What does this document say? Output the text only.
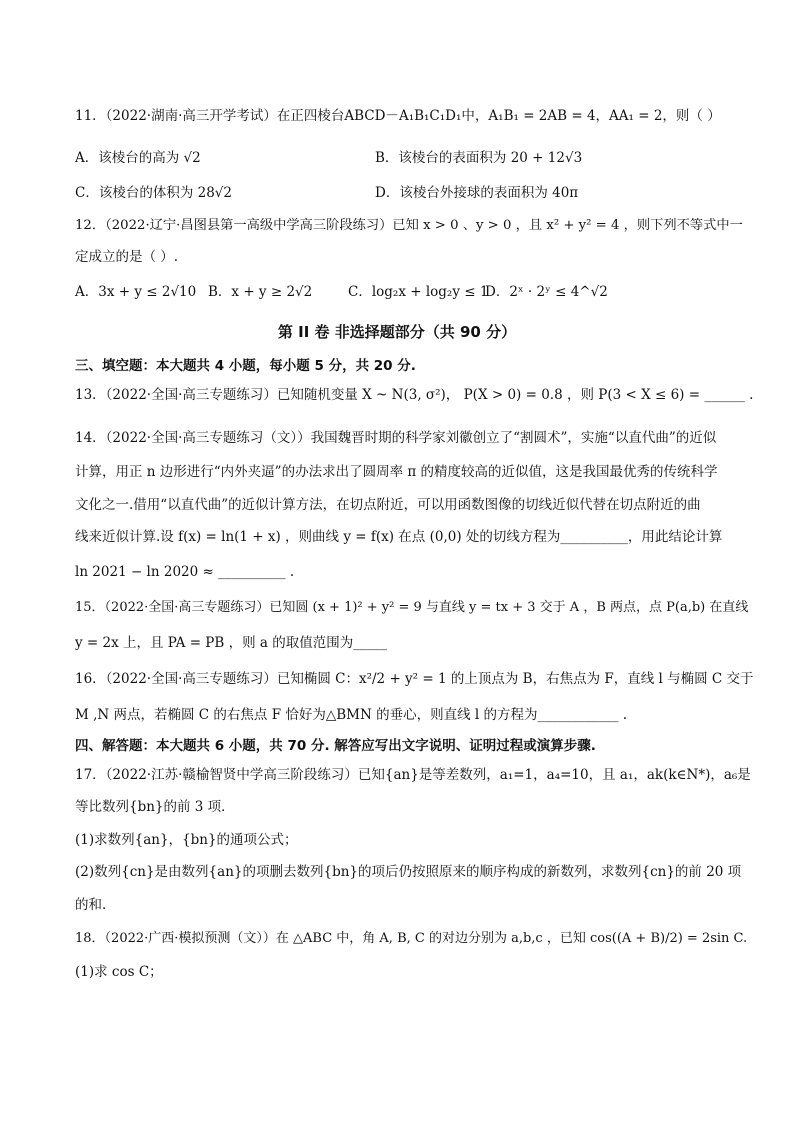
11．（2022·湖南·高三开学考试）在正四棱台ABCD－A₁B₁C₁D₁中，A₁B₁ = 2AB = 4，AA₁ = 2，则（ ）
A．该棱台的高为 √2	B．该棱台的表面积为 20 + 12√3
C．该棱台的体积为 28√2	D．该棱台外接球的表面积为 40π
12．（2022·辽宁·昌图县第一高级中学高三阶段练习）已知 x > 0 、y > 0 ，且 x² + y² = 4 ，则下列不等式中一
定成立的是（ ）.
A．3x + y ≤ 2√10 B．x + y ≥ 2√2	C．log₂x + log₂y ≤ 1
D．2ˣ · 2ʸ ≤ 4^√2
第 II 卷 非选择题部分（共 90 分）
三、填空题：本大题共 4 小题，每小题 5 分，共 20 分.
13．（2022·全国·高三专题练习）已知随机变量 X ~ N(3, σ²)， P(X > 0) = 0.8 ，则 P(3 < X ≤ 6) = ______ .
14．（2022·全国·高三专题练习（文））我国魏晋时期的科学家刘徽创立了“割圆术”，实施“以直代曲”的近似
计算，用正 n 边形进行“内外夹逼”的办法求出了圆周率 π 的精度较高的近似值，这是我国最优秀的传统科学
文化之一.借用“以直代曲”的近似计算方法，在切点附近，可以用函数图像的切线近似代替在切点附近的曲
线来近似计算.设 f(x) = ln(1 + x) ，则曲线 y = f(x) 在点 (0,0) 处的切线方程为__________，用此结论计算
ln 2021 − ln 2020 ≈ __________ .
15．（2022·全国·高三专题练习）已知圆 (x + 1)² + y² = 9 与直线 y = tx + 3 交于 A ，B 两点，点 P(a,b) 在直线
y = 2x 上，且 PA = PB ，则 a 的取值范围为_____
16．（2022·全国·高三专题练习）已知椭圆 C：x²/2 + y² = 1 的上顶点为 B，右焦点为 F，直线 l 与椭圆 C 交于
M ,N 两点，若椭圆 C 的右焦点 F 恰好为△BMN 的垂心，则直线 l 的方程为____________ .
四、解答题：本大题共 6 小题，共 70 分. 解答应写出文字说明、证明过程或演算步骤.
17．（2022·江苏·赣榆智贤中学高三阶段练习）已知{an}是等差数列，a₁=1，a₄=10，且 a₁，ak(k∈N*)，a₆是
等比数列{bn}的前 3 项．
(1)求数列{an}，{bn}的通项公式；
(2)数列{cn}是由数列{an}的项删去数列{bn}的项后仍按照原来的顺序构成的新数列，求数列{cn}的前 20 项
的和．
18．（2022·广西·模拟预测（文））在 △ABC 中，角 A, B, C 的对边分别为 a,b,c ，已知 cos((A + B)/2) = 2sin C.
(1)求 cos C；
